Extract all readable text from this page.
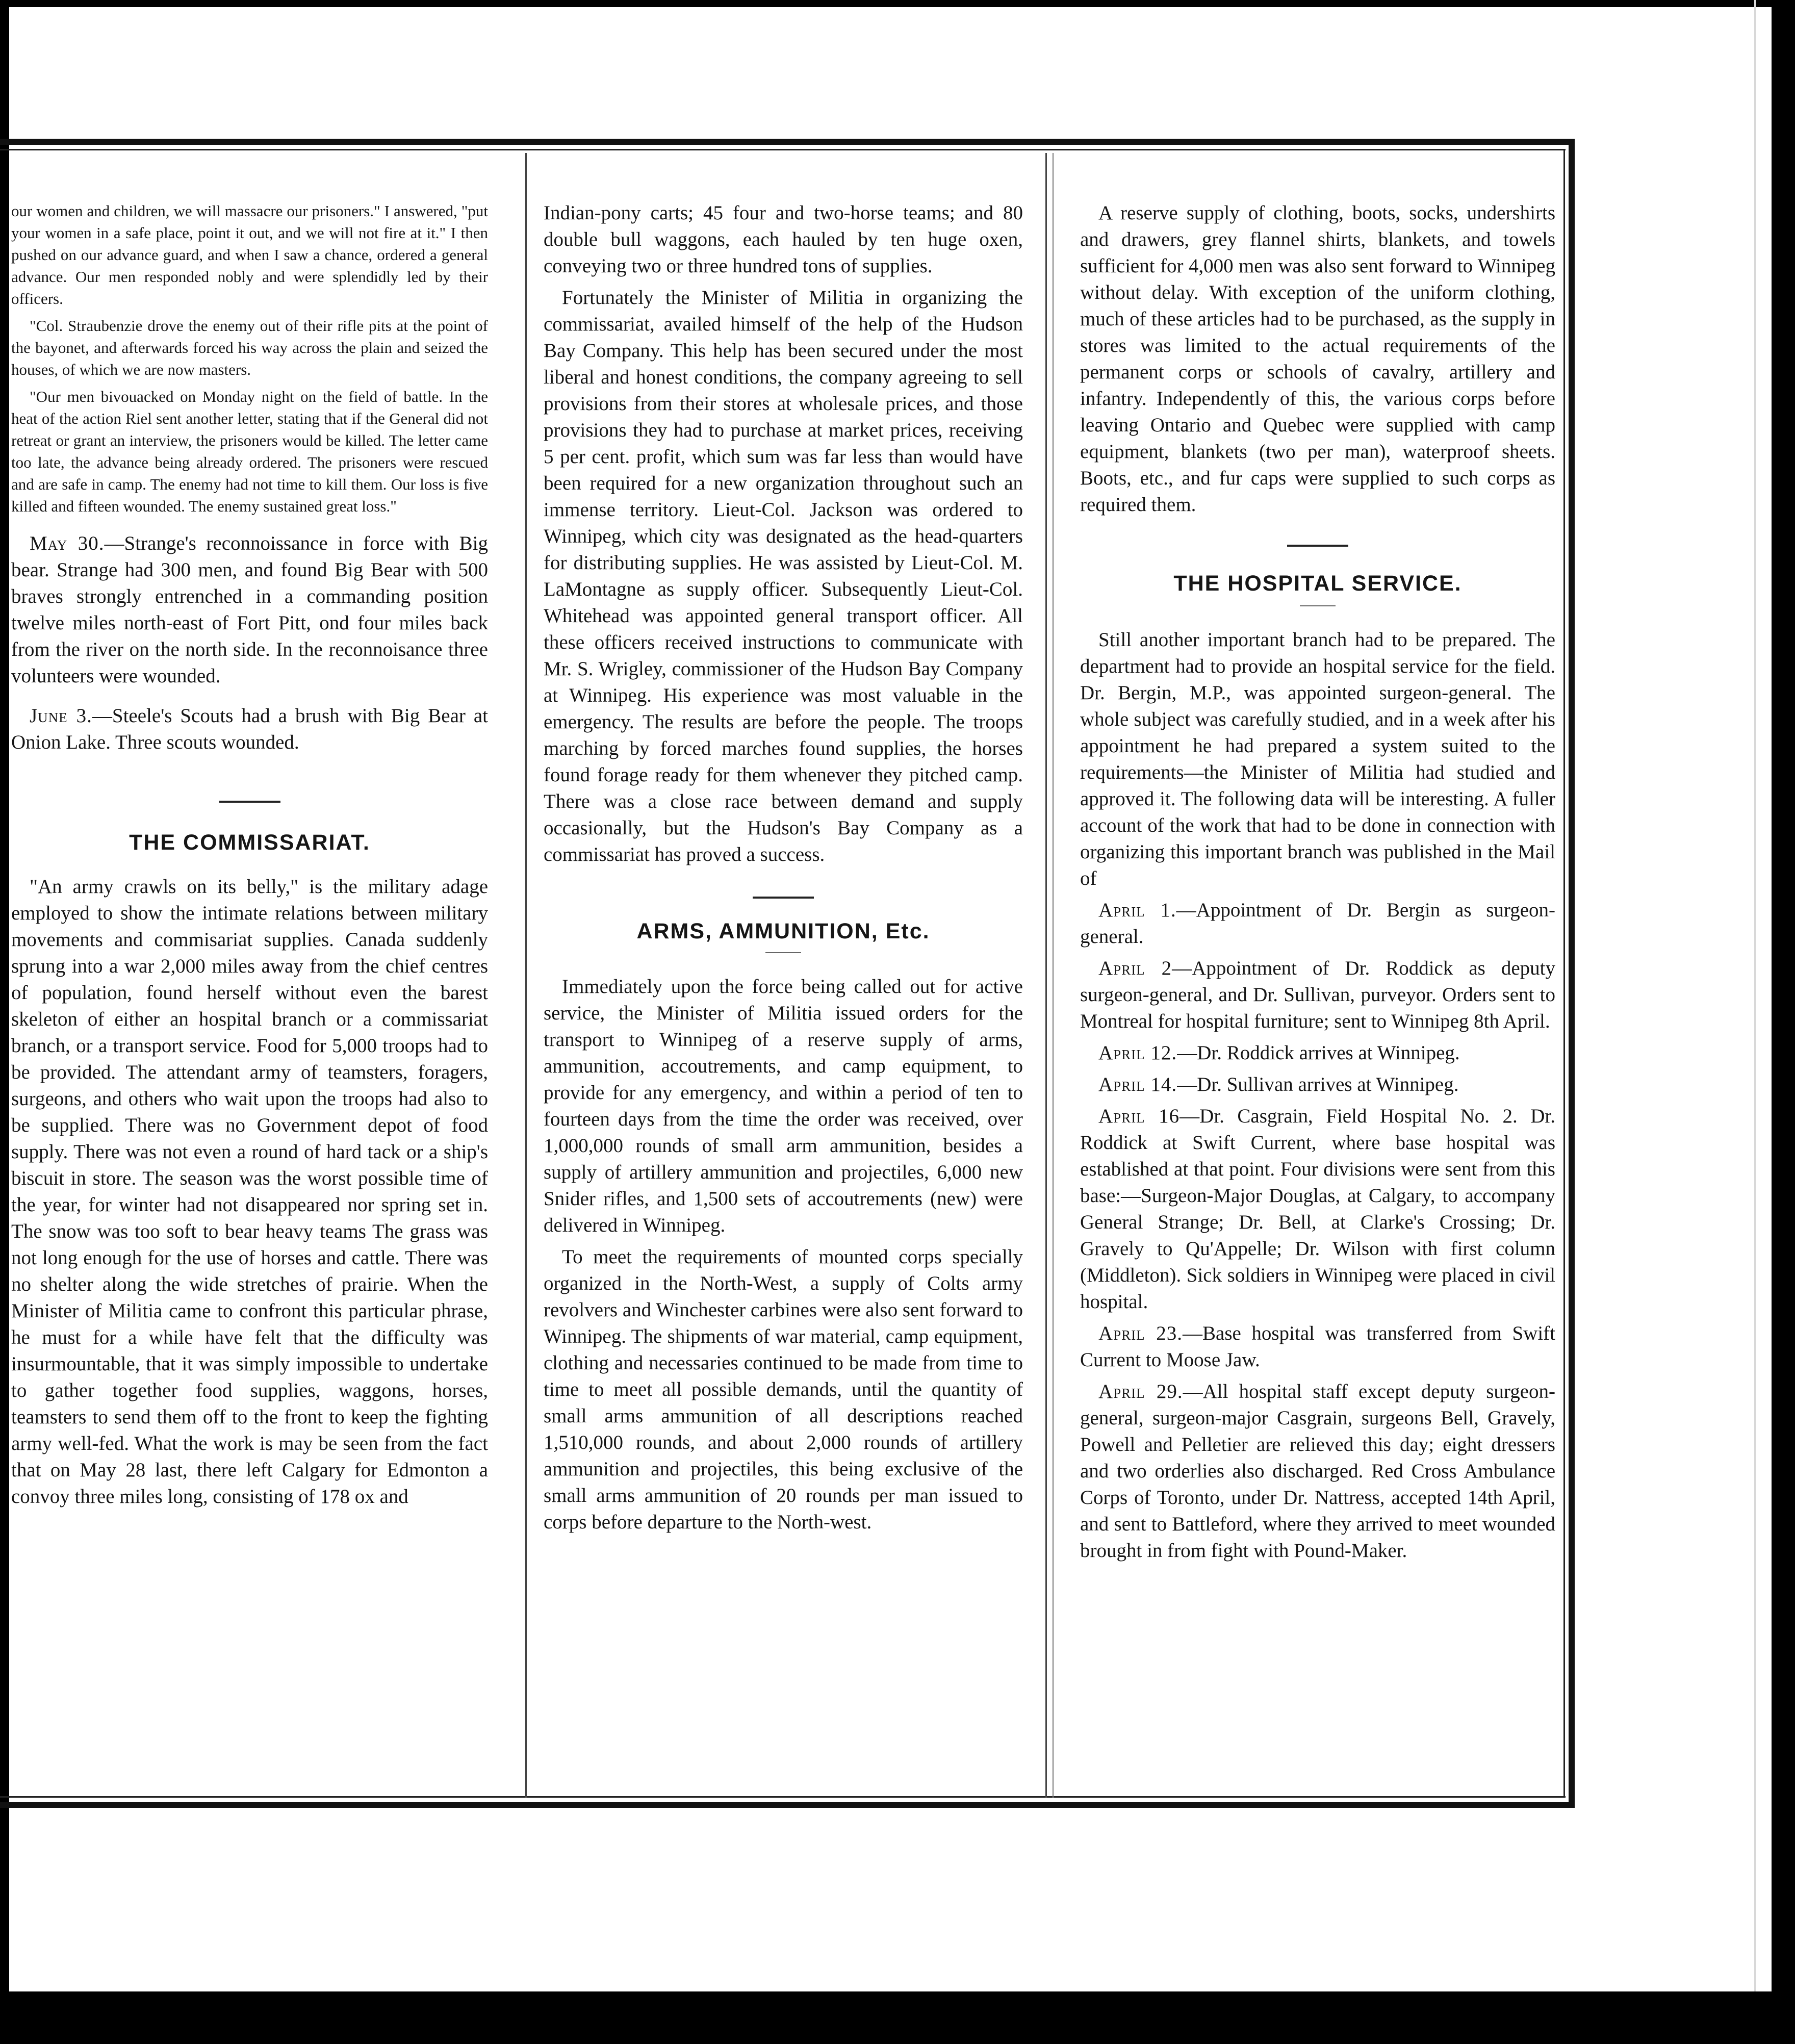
our women and children, we will massacre our prisoners." I answered, "put your women in a safe place, point it out, and we will not fire at it." I then pushed on our advance guard, and when I saw a chance, ordered a general advance. Our men responded nobly and were splendidly led by their officers.

"Col. Straubenzie drove the enemy out of their rifle pits at the point of the bayonet, and afterwards forced his way across the plain and seized the houses, of which we are now masters.

"Our men bivouacked on Monday night on the field of battle. In the heat of the action Riel sent another letter, stating that if the General did not retreat or grant an interview, the prisoners would be killed. The letter came too late, the advance being already ordered. The prisoners were rescued and are safe in camp. The enemy had not time to kill them. Our loss is five killed and fifteen wounded. The enemy sustained great loss."

May 30.—Strange's reconnoissance in force with Big bear. Strange had 300 men, and found Big Bear with 500 braves strongly entrenched in a commanding position twelve miles north-east of Fort Pitt, ond four miles back from the river on the north side. In the reconnoisance three volunteers were wounded.

June 3.—Steele's Scouts had a brush with Big Bear at Onion Lake. Three scouts wounded.

THE COMMISSARIAT.

"An army crawls on its belly," is the military adage employed to show the intimate relations between military movements and commisariat supplies. Canada suddenly sprung into a war 2,000 miles away from the chief centres of population, found herself without even the barest skeleton of either an hospital branch or a commissariat branch, or a transport service. Food for 5,000 troops had to be provided. The attendant army of teamsters, foragers, surgeons, and others who wait upon the troops had also to be supplied. There was no Government depot of food supply. There was not even a round of hard tack or a ship's biscuit in store. The season was the worst possible time of the year, for winter had not disappeared nor spring set in. The snow was too soft to bear heavy teams The grass was not long enough for the use of horses and cattle. There was no shelter along the wide stretches of prairie. When the Minister of Militia came to confront this particular phrase, he must for a while have felt that the difficulty was insurmountable, that it was simply impossible to undertake to gather together food supplies, waggons, horses, teamsters to send them off to the front to keep the fighting army well-fed. What the work is may be seen from the fact that on May 28 last, there left Calgary for Edmonton a convoy three miles long, consisting of 178 ox and

Indian-pony carts; 45 four and two-horse teams; and 80 double bull waggons, each hauled by ten huge oxen, conveying two or three hundred tons of supplies.

Fortunately the Minister of Militia in organizing the commissariat, availed himself of the help of the Hudson Bay Company. This help has been secured under the most liberal and honest conditions, the company agreeing to sell provisions from their stores at wholesale prices, and those provisions they had to purchase at market prices, receiving 5 per cent. profit, which sum was far less than would have been required for a new organization throughout such an immense territory. Lieut-Col. Jackson was ordered to Winnipeg, which city was designated as the head-quarters for distributing supplies. He was assisted by Lieut-Col. M. LaMontagne as supply officer. Subsequently Lieut-Col. Whitehead was appointed general transport officer. All these officers received instructions to communicate with Mr. S. Wrigley, commissioner of the Hudson Bay Company at Winnipeg. His experience was most valuable in the emergency. The results are before the people. The troops marching by forced marches found supplies, the horses found forage ready for them whenever they pitched camp. There was a close race between demand and supply occasionally, but the Hudson's Bay Company as a commissariat has proved a success.

ARMS, AMMUNITION, Etc.

Immediately upon the force being called out for active service, the Minister of Militia issued orders for the transport to Winnipeg of a reserve supply of arms, ammunition, accoutrements, and camp equipment, to provide for any emergency, and within a period of ten to fourteen days from the time the order was received, over 1,000,000 rounds of small arm ammunition, besides a supply of artillery ammunition and projectiles, 6,000 new Snider rifles, and 1,500 sets of accoutrements (new) were delivered in Winnipeg.

To meet the requirements of mounted corps specially organized in the North-West, a supply of Colts army revolvers and Winchester carbines were also sent forward to Winnipeg. The shipments of war material, camp equipment, clothing and necessaries continued to be made from time to time to meet all possible demands, until the quantity of small arms ammunition of all descriptions reached 1,510,000 rounds, and about 2,000 rounds of artillery ammunition and projectiles, this being exclusive of the small arms ammunition of 20 rounds per man issued to corps before departure to the North-west.

A reserve supply of clothing, boots, socks, undershirts and drawers, grey flannel shirts, blankets, and towels sufficient for 4,000 men was also sent forward to Winnipeg without delay. With exception of the uniform clothing, much of these articles had to be purchased, as the supply in stores was limited to the actual requirements of the permanent corps or schools of cavalry, artillery and infantry. Independently of this, the various corps before leaving Ontario and Quebec were supplied with camp equipment, blankets (two per man), waterproof sheets. Boots, etc., and fur caps were supplied to such corps as required them.

THE HOSPITAL SERVICE.

Still another important branch had to be prepared. The department had to provide an hospital service for the field. Dr. Bergin, M.P., was appointed surgeon-general. The whole subject was carefully studied, and in a week after his appointment he had prepared a system suited to the requirements—the Minister of Militia had studied and approved it. The following data will be interesting. A fuller account of the work that had to be done in connection with organizing this important branch was published in the Mail of

April 1.—Appointment of Dr. Bergin as surgeon-general.

April 2—Appointment of Dr. Roddick as deputy surgeon-general, and Dr. Sullivan, purveyor. Orders sent to Montreal for hospital furniture; sent to Winnipeg 8th April.

April 12.—Dr. Roddick arrives at Winnipeg.

April 14.—Dr. Sullivan arrives at Winnipeg.

April 16—Dr. Casgrain, Field Hospital No. 2. Dr. Roddick at Swift Current, where base hospital was established at that point. Four divisions were sent from this base:—Surgeon-Major Douglas, at Calgary, to accompany General Strange; Dr. Bell, at Clarke's Crossing; Dr. Gravely to Qu'Appelle; Dr. Wilson with first column (Middleton). Sick soldiers in Winnipeg were placed in civil hospital.

April 23.—Base hospital was transferred from Swift Current to Moose Jaw.

April 29.—All hospital staff except deputy surgeon-general, surgeon-major Casgrain, surgeons Bell, Gravely, Powell and Pelletier are relieved this day; eight dressers and two orderlies also discharged. Red Cross Ambulance Corps of Toronto, under Dr. Nattress, accepted 14th April, and sent to Battleford, where they arrived to meet wounded brought in from fight with Pound-Maker.
